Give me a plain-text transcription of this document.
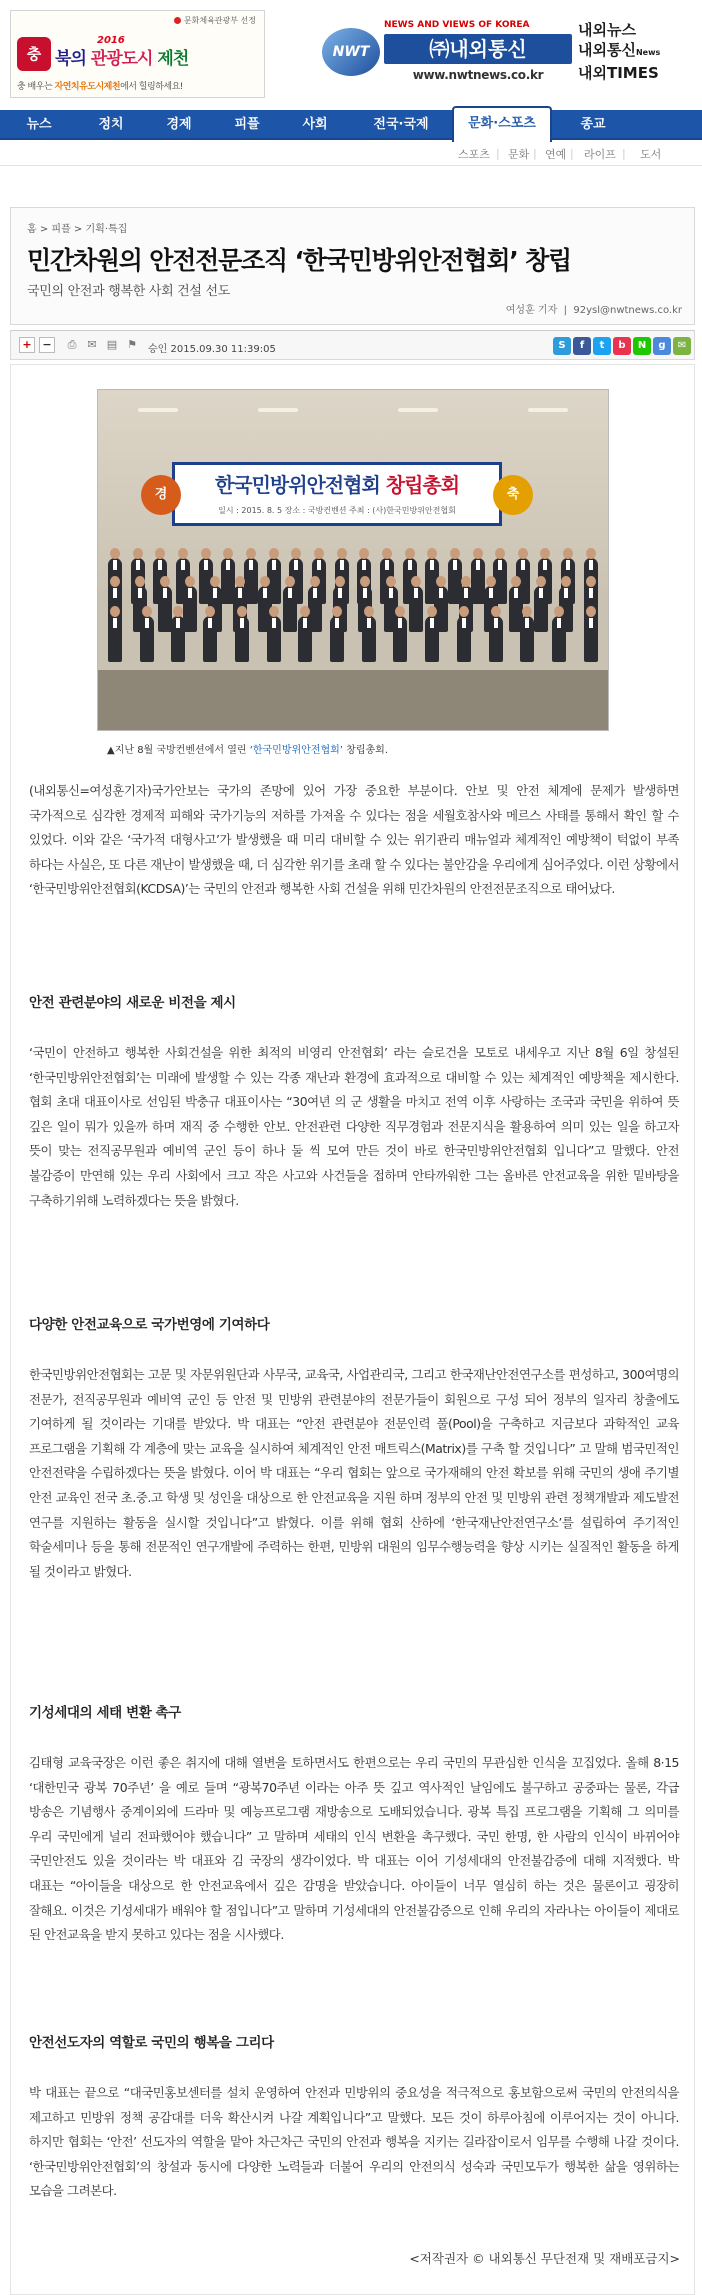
문화체육관광부 선정
충
2016
북의 관광도시 제천
충 배우는 자연치유도시제천에서 힐링하세요!
NWT
NEWS AND VIEWS OF KOREA
㈜내외통신
www.nwtnews.co.kr
내외뉴스
내외통신News
내외TIMES
뉴스	정치	경제	피플	사회	전국·국제	문화·스포츠	종교
스포츠 | 문화 | 연예 | 라이프 | 도서
홈 > 피플 > 기획·특집
민간차원의 안전전문조직 ‘한국민방위안전협회’ 창립
국민의 안전과 행복한 사회 건설 선도
여성훈 기자  |  92ysl@nwtnews.co.kr
+ −	⎙ ✉ ▤ ⚑	승인 2015.09.30 11:39:05	S	f	t	b	N	g	✉
경	축
한국민방위안전협회 창립총회
일시 : 2015. 8. 5 장소 : 국방컨벤션 주최 : (사)한국민방위안전협회
▲지난 8월 국방컨벤션에서 열린 ‘한국민방위안전협회’ 창립총회.

(내외통신=여성훈기자)국가안보는 국가의 존망에 있어 가장 중요한 부분이다. 안보 및 안전 체계에 문제가 발생하면 국가적으로 심각한 경제적 피해와 국가기능의 저하를 가져올 수 있다는 점을 세월호참사와 메르스 사태를 통해서 확인 할 수 있었다. 이와 같은 ‘국가적 대형사고’가 발생했을 때 미리 대비할 수 있는 위기관리 매뉴얼과 체계적인 예방책이 턱없이 부족 하다는 사실은, 또 다른 재난이 발생했을 때, 더 심각한 위기를 초래 할 수 있다는 불안감을 우리에게 심어주었다. 이런 상황에서 ‘한국민방위안전협회(KCDSA)’는 국민의 안전과 행복한 사회 건설을 위해 민간차원의 안전전문조직으로 태어났다.

안전 관련분야의 새로운 비전을 제시

‘국민이 안전하고 행복한 사회건설을 위한 최적의 비영리 안전협회’ 라는 슬로건을 모토로 내세우고 지난 8월 6일 창설된 ‘한국민방위안전협회’는 미래에 발생할 수 있는 각종 재난과 환경에 효과적으로 대비할 수 있는 체계적인 예방책을 제시한다. 협회 초대 대표이사로 선임된 박충규 대표이사는 “30여년 의 군 생활을 마치고 전역 이후 사랑하는 조국과 국민을 위하여 뜻 깊은 일이 뭐가 있을까 하며 재직 중 수행한 안보. 안전관련 다양한 직무경험과 전문지식을 활용하여 의미 있는 일을 하고자 뜻이 맞는 전직공무원과 예비역 군인 등이 하나 둘 씩 모여 만든 것이 바로 한국민방위안전협회 입니다”고 말했다. 안전 불감증이 만연해 있는 우리 사회에서 크고 작은 사고와 사건들을 접하며 안타까워한 그는 올바른 안전교육을 위한 밑바탕을 구축하기위해 노력하겠다는 뜻을 밝혔다.

다양한 안전교육으로 국가번영에 기여하다

한국민방위안전협회는 고문 및 자문위원단과 사무국, 교육국, 사업관리국, 그리고 한국재난안전연구소를 편성하고, 300여명의 전문가, 전직공무원과 예비역 군인 등 안전 및 민방위 관련분야의 전문가들이 회원으로 구성 되어 정부의 일자리 창출에도 기여하게 될 것이라는 기대를 받았다. 박 대표는 “안전 관련분야 전문인력 풀(Pool)을 구축하고 지금보다 과학적인 교육 프로그램을 기획해 각 계층에 맞는 교육을 실시하여 체계적인 안전 매트릭스(Matrix)를 구축 할 것입니다” 고 말해 범국민적인 안전전략을 수립하겠다는 뜻을 밝혔다. 이어 박 대표는 “우리 협회는 앞으로 국가재해의 안전 확보를 위해 국민의 생애 주기별 안전 교육인 전국 초.중.고 학생 및 성인을 대상으로 한 안전교육을 지원 하며 정부의 안전 및 민방위 관련 정책개발과 제도발전 연구를 지원하는 활동을 실시할 것입니다”고 밝혔다. 이를 위해 협회 산하에 ‘한국재난안전연구소’를 설립하여 주기적인 학술세미나 등을 통해 전문적인 연구개발에 주력하는 한편, 민방위 대원의 임무수행능력을 향상 시키는 실질적인 활동을 하게 될 것이라고 밝혔다.

기성세대의 세태 변환 촉구

김태형 교육국장은 이런 좋은 취지에 대해 열변을 토하면서도 한편으로는 우리 국민의 무관심한 인식을 꼬집었다. 올해 8·15 ‘대한민국 광복 70주년’ 을 예로 들며 “광복70주년 이라는 아주 뜻 깊고 역사적인 날임에도 불구하고 공중파는 물론, 각급 방송은 기념행사 중계이외에 드라마 및 예능프로그램 재방송으로 도배되었습니다. 광복 특집 프로그램을 기획해 그 의미를 우리 국민에게 널리 전파했어야 했습니다” 고 말하며 세태의 인식 변환을 촉구했다. 국민 한명, 한 사람의 인식이 바뀌어야 국민안전도 있을 것이라는 박 대표와 김 국장의 생각이었다. 박 대표는 이어 기성세대의 안전불감증에 대해 지적했다. 박 대표는 “아이들을 대상으로 한 안전교육에서 깊은 감명을 받았습니다. 아이들이 너무 열심히 하는 것은 물론이고 굉장히 잘해요. 이것은 기성세대가 배워야 할 점입니다”고 말하며 기성세대의 안전불감증으로 인해 우리의 자라나는 아이들이 제대로 된 안전교육을 받지 못하고 있다는 점을 시사했다.

안전선도자의 역할로 국민의 행복을 그리다

박 대표는 끝으로 “대국민홍보센터를 설치 운영하여 안전과 민방위의 중요성을 적극적으로 홍보함으로써 국민의 안전의식을 제고하고 민방위 정책 공감대를 더욱 확산시켜 나갈 계획입니다”고 말했다. 모든 것이 하루아침에 이루어지는 것이 아니다. 하지만 협회는 ‘안전’ 선도자의 역할을 맡아 차근차근 국민의 안전과 행복을 지키는 길라잡이로서 임무를 수행해 나갈 것이다. ‘한국민방위안전협회’의 창설과 동시에 다양한 노력들과 더불어 우리의 안전의식 성숙과 국민모두가 행복한 삶을 영위하는 모습을 그려본다.

<저작권자 © 내외통신 무단전재 및 재배포금지>
